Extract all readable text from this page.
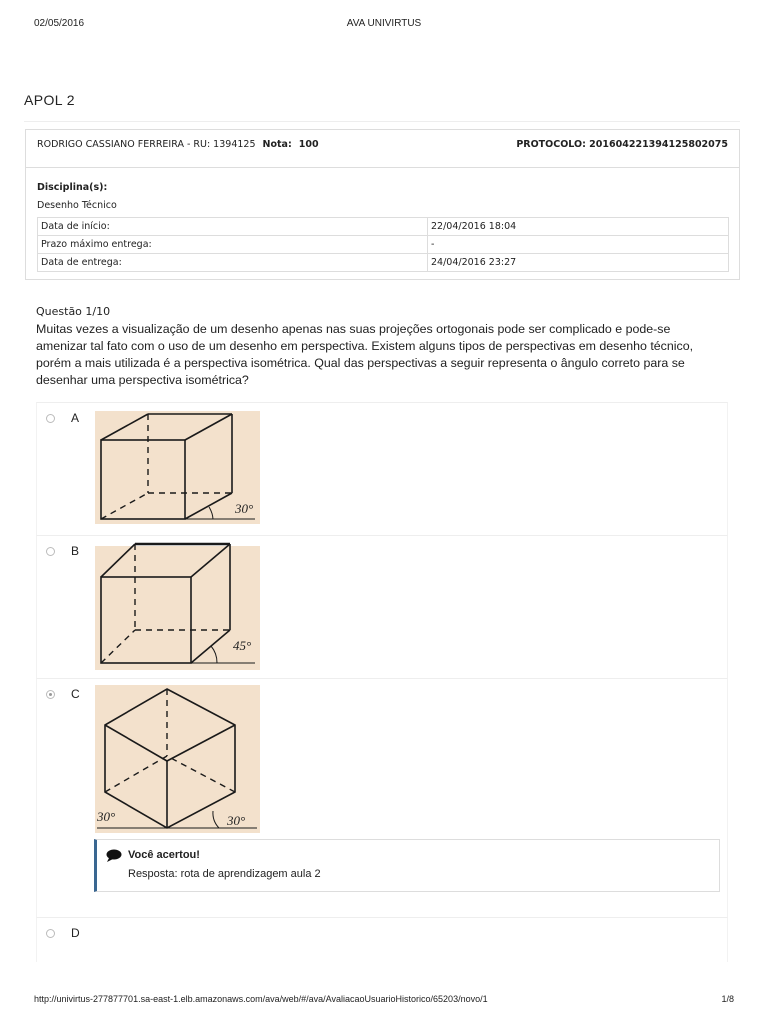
02/05/2016	AVA UNIVIRTUS
APOL 2
RODRIGO CASSIANO FERREIRA - RU: 1394125 Nota: 100	PROTOCOLO: 201604221394125802075
Disciplina(s):
Desenho Técnico
Data de início:	22/04/2016 18:04
Prazo máximo entrega:	-
Data de entrega:	24/04/2016 23:27
Questão 1/10
Muitas vezes a visualização de um desenho apenas nas suas projeções ortogonais pode ser complicado e pode-se
amenizar tal fato com o uso de um desenho em perspectiva. Existem alguns tipos de perspectivas em desenho técnico,
porém a mais utilizada é a perspectiva isométrica. Qual das perspectivas a seguir representa o ângulo correto para se
desenhar uma perspectiva isométrica?
A
30°
B
45°
C
30°	30°
Você acertou!
Resposta: rota de aprendizagem aula 2
D
http://univirtus-277877701.sa-east-1.elb.amazonaws.com/ava/web/#/ava/AvaliacaoUsuarioHistorico/65203/novo/1	1/8
